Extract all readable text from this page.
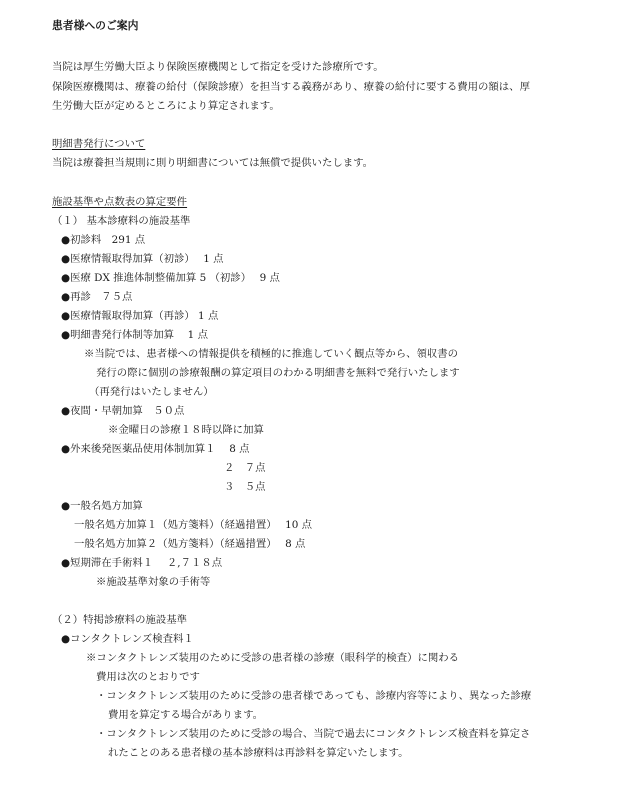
患者様へのご案内
当院は厚生労働大臣より保険医療機関として指定を受けた診療所です。
保険医療機関は、療養の給付（保険診療）を担当する義務があり、療養の給付に要する費用の額は、厚
生労働大臣が定めるところにより算定されます。
明細書発行について
当院は療養担当規則に則り明細書については無償で提供いたします。
施設基準や点数表の算定要件
（１） 基本診療料の施設基準
●初診料　291 点
●医療情報取得加算（初診）　 1 点
●医療 DX 推進体制整備加算 5 （初診）　 9 点
●再診　７５点
●医療情報取得加算（再診） 1 点
●明細書発行体制等加算　 1 点
※当院では、患者様への情報提供を積極的に推進していく観点等から、領収書の
発行の際に個別の診療報酬の算定項目のわかる明細書を無料で発行いたします
（再発行はいたしません）
●夜間・早朝加算　５０点
※金曜日の診療１８時以降に加算
●外来後発医薬品使用体制加算１　 8 点
２　７点
３　５点
●一般名処方加算
一般名処方加算１（処方箋料）（経過措置）　 10 点
一般名処方加算２（処方箋料）（経過措置）　 8 点
●短期滞在手術料１　 ２,７１８点
※施設基準対象の手術等
（２）特掲診療料の施設基準
●コンタクトレンズ検査料１
※コンタクトレンズ装用のために受診の患者様の診療（眼科学的検査）に関わる
費用は次のとおりです
・コンタクトレンズ装用のために受診の患者様であっても、診療内容等により、異なった診療
費用を算定する場合があります。
・コンタクトレンズ装用のために受診の場合、当院で過去にコンタクトレンズ検査料を算定さ
れたことのある患者様の基本診療料は再診料を算定いたします。
